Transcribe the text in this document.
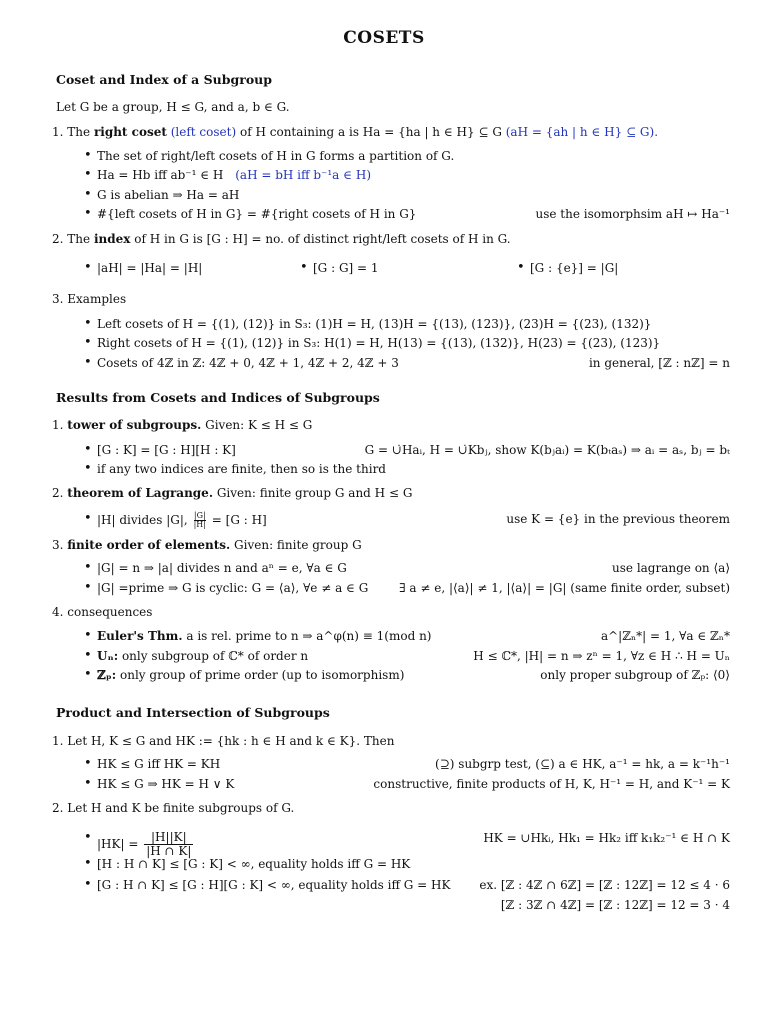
COSETS
Coset and Index of a Subgroup
Let G be a group, H ≤ G, and a, b ∈ G.
1. The right coset (left coset) of H containing a is Ha = {ha | h ∈ H} ⊆ G (aH = {ah | h ∈ H} ⊆ G).
• The set of right/left cosets of H in G forms a partition of G.
• Ha = Hb iff ab⁻¹ ∈ H (aH = bH iff b⁻¹a ∈ H)
• G is abelian ⇒ Ha = aH
• #{left cosets of H in G} = #{right cosets of H in G}	use the isomorphsim aH ↦ Ha⁻¹
2. The index of H in G is [G : H] = no. of distinct right/left cosets of H in G.
• |aH| = |Ha| = |H|	• [G : G] = 1	• [G : {e}] = |G|
3. Examples
• Left cosets of H = {(1), (12)} in S₃: (1)H = H, (13)H = {(13), (123)}, (23)H = {(23), (132)}
• Right cosets of H = {(1), (12)} in S₃: H(1) = H, H(13) = {(13), (132)}, H(23) = {(23), (123)}
• Cosets of 4ℤ in ℤ: 4ℤ + 0, 4ℤ + 1, 4ℤ + 2, 4ℤ + 3	in general, [ℤ : nℤ] = n
Results from Cosets and Indices of Subgroups
1. tower of subgroups. Given: K ≤ H ≤ G
• [G : K] = [G : H][H : K]	G = ∪̇Haᵢ, H = ∪̇Kbⱼ, show K(bⱼaᵢ) = K(bₜaₛ) ⇒ aᵢ = aₛ, bⱼ = bₜ
• if any two indices are finite, then so is the third
2. theorem of Lagrange. Given: finite group G and H ≤ G
• |H| divides |G|, $\frac{|G|}{|H|} = [G$ : H]	use K = {e} in the previous theorem
3. finite order of elements. Given: finite group G
• |G| = n ⇒ |a| divides n and aⁿ = e, ∀a ∈ G	use lagrange on ⟨a⟩
• |G| =prime ⇒ G is cyclic: G = ⟨a⟩, ∀e ≠ a ∈ G	∃ a ≠ e, |⟨a⟩| ≠ 1, |⟨a⟩| = |G| (same finite order, subset)
4. consequences
• Euler's Thm. a is rel. prime to n ⇒ a^φ(n) ≡ 1(mod n)	a^|ℤₙ*| = 1, ∀a ∈ ℤₙ*
• Uₙ: only subgroup of ℂ* of order n	H ≤ ℂ*, |H| = n ⇒ zⁿ = 1, ∀z ∈ H ∴ H = Uₙ
• ℤₚ: only group of prime order (up to isomorphism)	only proper subgroup of ℤₚ: ⟨0⟩
Product and Intersection of Subgroups
1. Let H, K ≤ G and HK := {hk : h ∈ H and k ∈ K}. Then
• HK ≤ G iff HK = KH	(⊇) subgrp test, (⊆) a ∈ HK, a⁻¹ = hk, a = k⁻¹h⁻¹
• HK ≤ G ⇒ HK = H ∨ K	constructive, finite products of H, K, H⁻¹ = H, and K⁻¹ = K
2. Let H and K be finite subgroups of G.
• $|HK| = \frac{|H||K|}{|H \cap K|}$	HK = ∪Hkᵢ, Hk₁ = Hk₂ iff k₁k₂⁻¹ ∈ H ∩ K
• [H : H ∩ K] ≤ [G : K] < ∞, equality holds iff G = HK
• [G : H ∩ K] ≤ [G : H][G : K] < ∞, equality holds iff G = HK ex. [ℤ : 4ℤ ∩ 6ℤ] = [ℤ : 12ℤ] = 12 ≤ 4 · 6
[ℤ : 3ℤ ∩ 4ℤ] = [ℤ : 12ℤ] = 12 = 3 · 4
